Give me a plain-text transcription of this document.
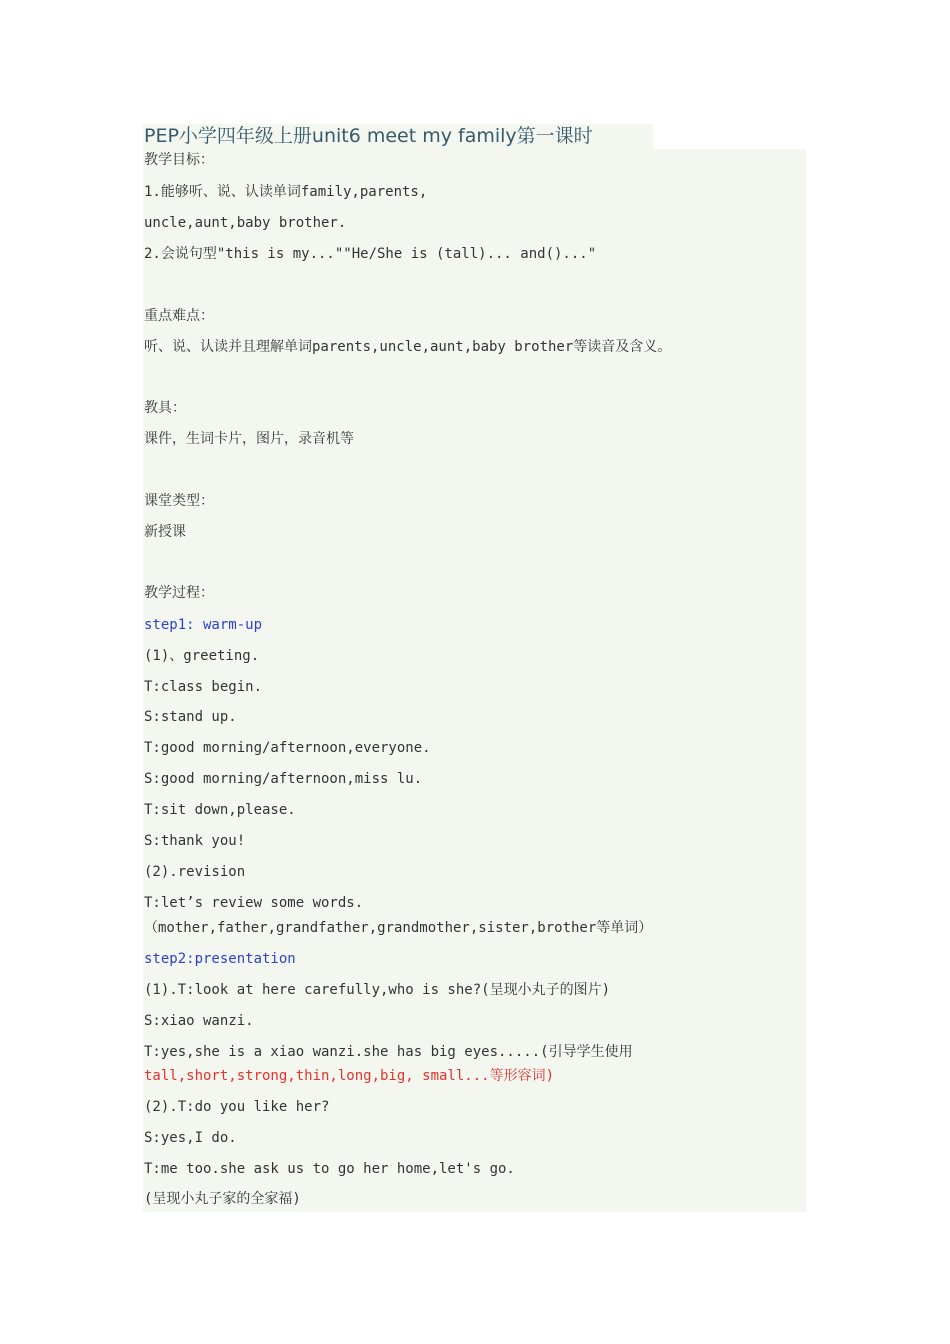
PEP小学四年级上册unit6 meet my family第一课时
教学目标：
1.能够听、说、认读单词family,parents,
uncle,aunt,baby brother.
2.会说句型"this is my...""He/She is (tall)... and()..."
重点难点：
听、说、认读并且理解单词parents,uncle,aunt,baby brother等读音及含义。
教具：
课件，生词卡片，图片，录音机等
课堂类型：
新授课
教学过程：
step1: warm-up
(1)、greeting.
T:class begin.
S:stand up.
T:good morning/afternoon,everyone.
S:good morning/afternoon,miss lu.
T:sit down,please.
S:thank you!
(2).revision
T:let’s review some words.
（mother,father,grandfather,grandmother,sister,brother等单词）
step2:presentation
(1).T:look at here carefully,who is she?(呈现小丸子的图片)
S:xiao wanzi.
T:yes,she is a xiao wanzi.she has big eyes.....(引导学生使用
tall,short,strong,thin,long,big, small...等形容词)
(2).T:do you like her?
S:yes,I do.
T:me too.she ask us to go her home,let's go.
(呈现小丸子家的全家福)
